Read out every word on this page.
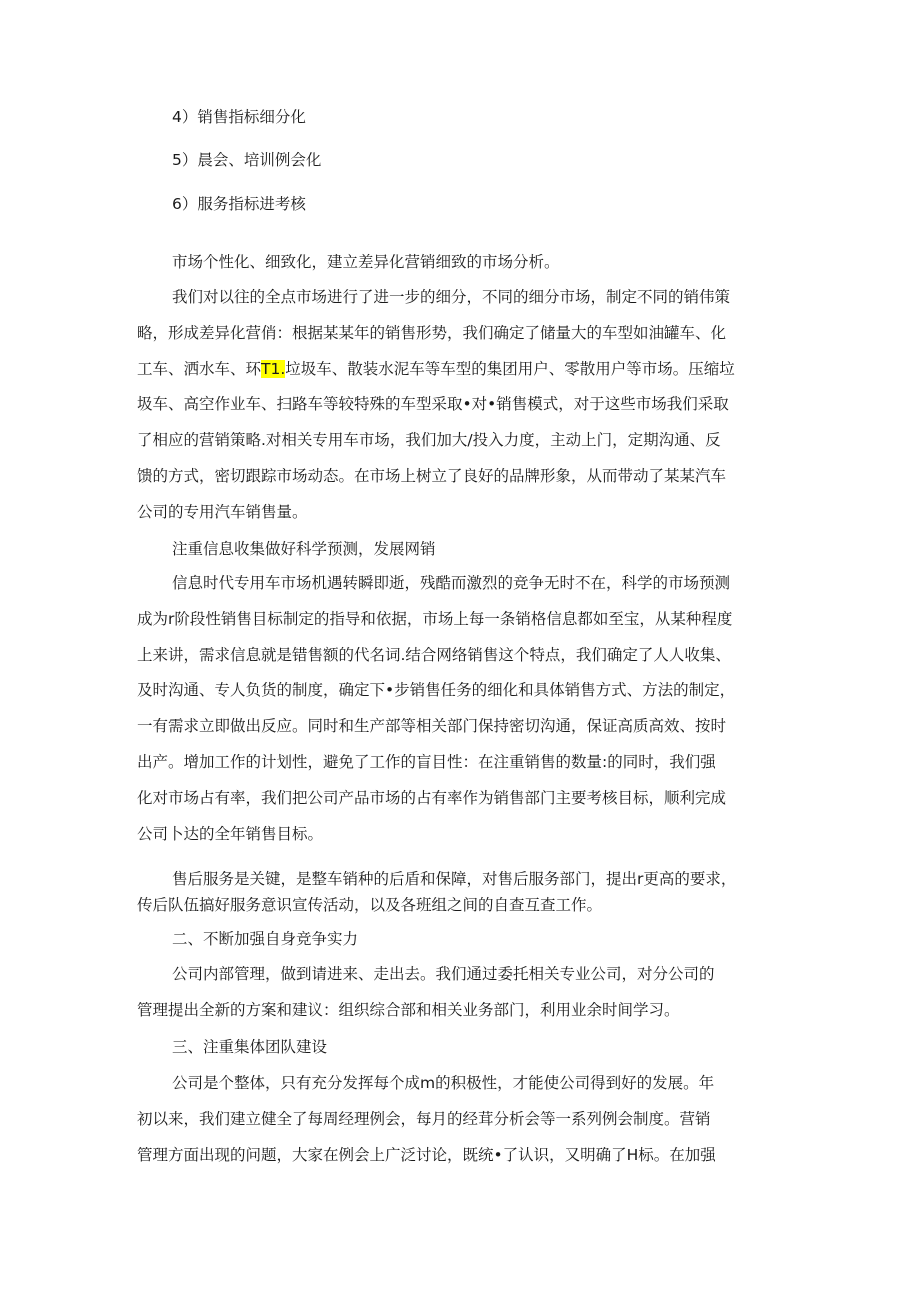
4）销售指标细分化
5）晨会、培训例会化
6）服务指标进考核
市场个性化、细致化，建立差异化营销细致的市场分析。
我们对以往的全点市场进行了进一步的细分，不同的细分市场，制定不同的销伟策
略，形成差异化营俏：根据某某年的销售形势，我们确定了储量大的车型如油罐车、化
工车、洒水车、环T1.垃圾车、散装水泥车等车型的集团用户、零散用户等市场。压缩垃
圾车、高空作业车、扫路车等较特殊的车型采取•对•销售模式，对于这些市场我们采取
了相应的营销策略.对相关专用车市场，我们加大/投入力度，主动上门，定期沟通、反
馈的方式，密切跟踪市场动态。在市场上树立了良好的品牌形象，从而带动了某某汽车
公司的专用汽车销售量。
注重信息收集做好科学预测，发展网销
信息时代专用车市场机遇转瞬即逝，残酷而激烈的竞争无时不在，科学的市场预测
成为r阶段性销售目标制定的指导和依据，市场上每一条销格信息都如至宝，从某种程度
上来讲，需求信息就是错售额的代名词.结合网络销售这个特点，我们确定了人人收集、
及时沟通、专人负货的制度，确定下•步销售任务的细化和具体销售方式、方法的制定，
一有需求立即做出反应。同时和生产部等相关部门保持密切沟通，保证高质高效、按时
出产。增加工作的计划性，避免了工作的盲目性：在注重销售的数量:的同时，我们强
化对市场占有率，我们把公司产品市场的占有率作为销售部门主要考核目标，顺利完成
公司卜达的全年销售目标。
售后服务是关键，是整车销种的后盾和保障，对售后服务部门，提出r更高的要求，
传后队伍搞好服务意识宣传活动，以及各班组之间的自查互查工作。
二、不断加强自身竞争实力
公司内部管理，做到请进来、走出去。我们通过委托相关专业公司，对分公司的
管理提出全新的方案和建议：组织综合部和相关业务部门，利用业余时间学习。
三、注重集体团队建设
公司是个整体，只有充分发挥每个成m的积极性，才能使公司得到好的发展。年
初以来，我们建立健全了每周经理例会，每月的经茸分析会等一系列例会制度。营销
管理方面出现的问题，大家在例会上广泛讨论，既统•了认识，又明确了H标。在加强
